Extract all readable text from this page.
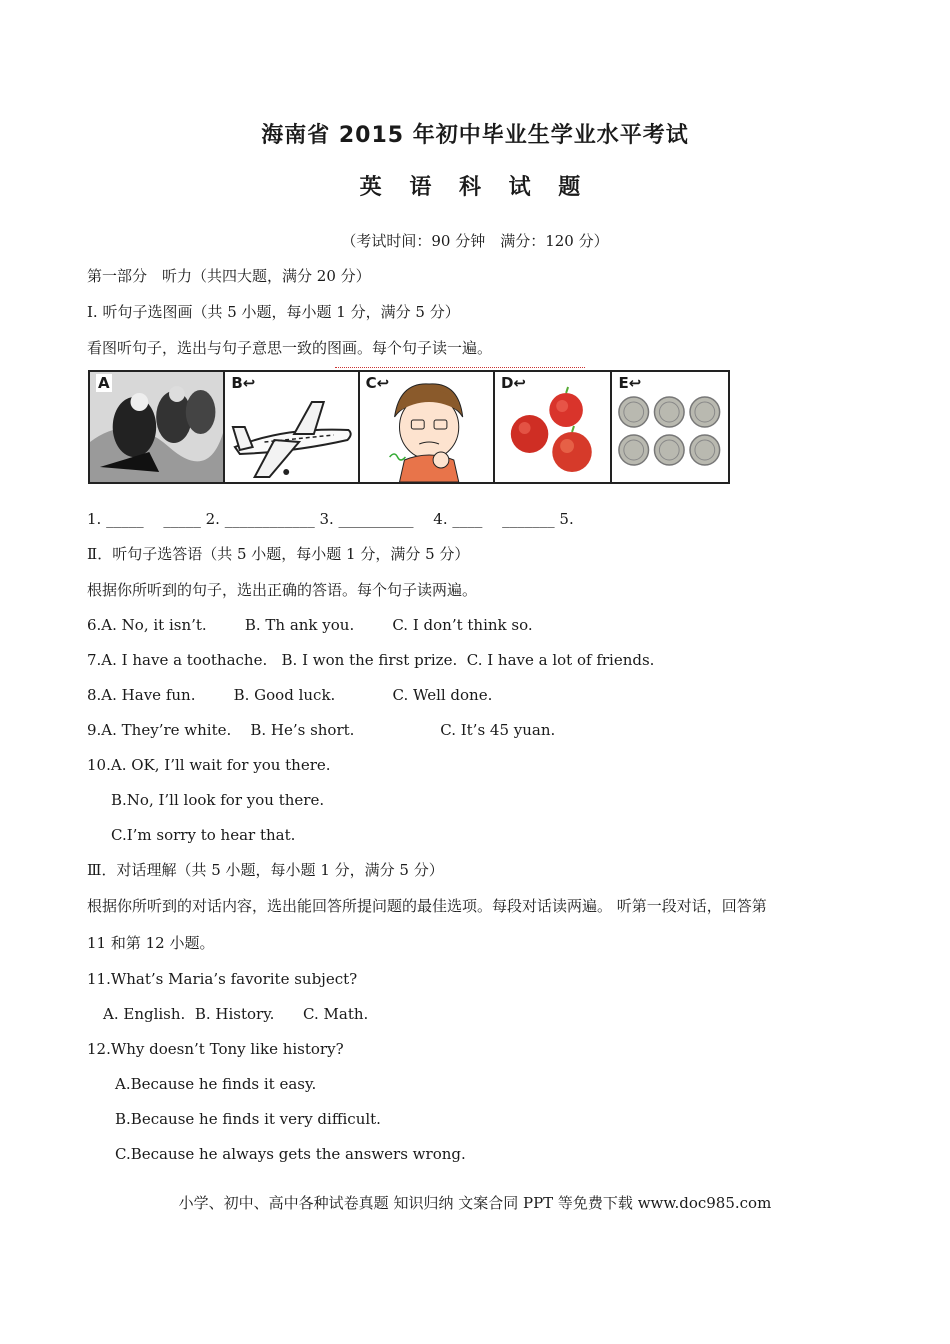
海南省 2015 年初中毕业生学业水平考试
英 语 科 试 题
（考试时间：90 分钟　满分：120 分）
第一部分　听力（共四大题，满分 20 分）
I. 听句子选图画（共 5 小题，每小题 1 分，满分 5 分）
看图听句子，选出与句子意思一致的图画。每个句子读一遍。
A	B↩	C↩	D↩	E↩
1. _____　 _____ 2. ____________ 3. __________　 4. ____　 _______ 5.
Ⅱ．听句子选答语（共 5 小题，每小题 1 分，满分 5 分）
根据你所听到的句子，选出正确的答语。每个句子读两遍。
6.A. No, it isn’t.        B. Th ank you.        C. I don’t think so.
7.A. I have a toothache.   B. I won the first prize.  C. I have a lot of friends.
8.A. Have fun.        B. Good luck.            C. Well done.
9.A. They’re white.    B. He’s short.                  C. It’s 45 yuan.
10.A. OK, I’ll wait for you there.
B.No, I’ll look for you there.
C.I’m sorry to hear that.
Ⅲ．对话理解（共 5 小题，每小题 1 分，满分 5 分）
根据你所听到的对话内容，选出能回答所提问题的最佳选项。每段对话读两遍。 听第一段对话，回答第
11 和第 12 小题。
11.What’s Maria’s favorite subject?
A. English.  B. History.      C. Math.
12.Why doesn’t Tony like history?
A.Because he finds it easy.
B.Because he finds it very difficult.
C.Because he always gets the answers wrong.
小学、初中、高中各种试卷真题 知识归纳 文案合同 PPT 等免费下载 www.doc985.com
